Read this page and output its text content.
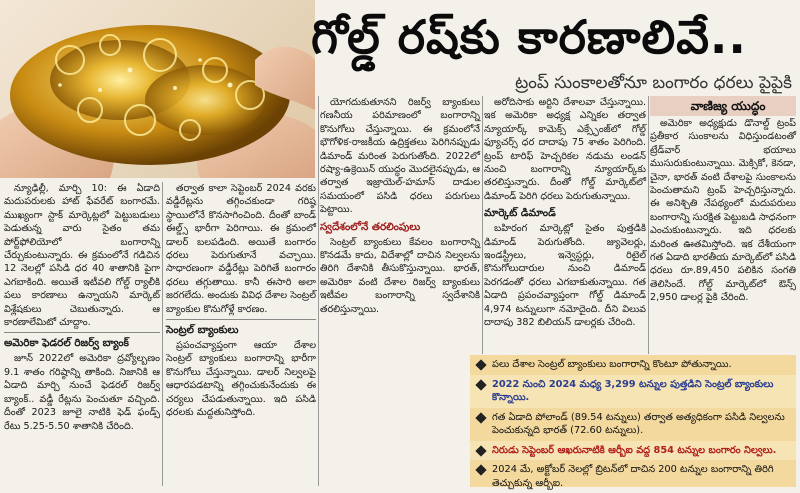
గోల్డ్ రష్‌కు కారణాలివే..
ట్రంప్ సుంకాలతోనూ బంగారం ధరలు పైపైకి

న్యూఢిల్లీ, మార్చి 10: ఈ ఏడాది మదుపరులకు హాట్ ఫేవరేట్ బంగారమే. ముఖ్యంగా స్టాక్ మార్కెట్లలో పెట్టుబడులు పెడుతున్న వారు సైతం తమ పోర్ట్‌ఫోలియోలో బంగారాన్ని చేర్చుకుంటున్నారు. ఈ క్రమంలోనే గడిచిన 12 నెలల్లో పసిడి ధర 40 శాతానికి పైగా ఎగబాకింది. అయితే ఇటీవలి గోల్డ్ ర్యాలీకి పలు కారణాలు ఉన్నాయని మార్కెట్ విశ్లేషకులు చెబుతున్నారు. ఆ కారణాలేమిటో చూద్దాం.

అమెరికా ఫెడరల్ రిజర్వ్ బ్యాంక్

జూన్ 2022లో అమెరికా ద్రవ్యోల్బణం 9.1 శాతం గరిష్ఠాన్ని తాకింది. నిజానికి ఆ ఏడాది మార్చి నుంచే ఫెడరల్ రిజర్వ్ బ్యాంక్.. వడ్డీ రేట్లను పెంచుతూ వచ్చింది. దీంతో 2023 జూలై నాటికి ఫెడ్ ఫండ్స్ రేటు 5.25-5.50 శాతానికి చేరింది.

తర్వాత కాలా సెప్టెంబర్ 2024 వరకు వడ్డీరేట్లను తగ్గించకుండా గరిష్ఠ స్థాయిలోనే కొనసాగించింది. దీంతో బాండ్ ఈల్డ్స్ భారీగా పెరిగాయి. ఈ క్రమంలో డాలర్ బలపడింది. అయితే బంగారం ధరలు పెరుగుతూనే వచ్చాయి. సాధారణంగా వడ్డీరేట్లు పెరిగితే బంగారం ధరలు తగ్గుతాయి. కానీ ఈసారి అలా జరగలేదు. అందుకు వివిధ దేశాల సెంట్రల్ బ్యాంకుల కొనుగోళ్లే కారణం.

సెంట్రల్ బ్యాంకులు

ప్రపంచవ్యాప్తంగా ఆయా దేశాల సెంట్రల్ బ్యాంకులు బంగారాన్ని భారీగా కొనుగోలు చేస్తున్నాయి. డాలర్ నిల్వలపై ఆధారపడటాన్ని తగ్గించుకునేందుకు ఈ చర్యలు చేపడుతున్నాయి. ఇది పసిడి ధరలకు మద్దతునిస్తోంది.

యోగదుకుతూనని రిజర్వ్ బ్యాంకులు గణనీయ పరిమాణంలో బంగారాన్ని కొనుగోలు చేస్తున్నాయి. ఈ క్రమంలోనే భౌగోళిక-రాజకీయ ఉద్రిక్తతలు పెరిగినప్పుడు డిమాండ్ మరింత పెరుగుతోంది. 2022లో రష్యా-ఉక్రెయిన్ యుద్ధం మొదలైనప్పుడు, ఆ తర్వాత ఇజ్రాయెల్-హమాస్ దాడుల సమయంలో పసిడి ధరలు పరుగులు పెట్టాయి.

స్వదేశంలోనే తరలింపులు

సెంట్రల్ బ్యాంకులు కేవలం బంగారాన్ని కొనడమే కాదు, విదేశాల్లో దాచిన నిల్వలను తిరిగి దేశానికి తీసుకొస్తున్నాయి. భారత్, అమెరికా వంటి దేశాల రిజర్వ్ బ్యాంకులు ఇటీవల బంగారాన్ని స్వదేశానికి తరలిస్తున్నాయి.

అరోదిసాకు అర్టిని దేశాలవా చేస్తున్నాయి. ఇక అమెరికా అధ్యక్ష ఎన్నికల తర్వాత న్యూయార్క్ కామెక్స్ ఎక్స్ఛేంజ్‌లో గోల్డ్ ఫ్యూచర్స్ ధర దాదాపు 75 శాతం పెరిగింది. ట్రంప్ టారిఫ్ హెచ్చరికల నడుమ లండన్ నుంచి బంగారాన్ని న్యూయార్క్‌కు తరలిస్తున్నారు. దీంతో గోల్డ్ మార్కెట్‌లో డిమాండ్ పెరిగి ధరలు పెరుగుతున్నాయి.

మార్కెట్ డిమాండ్

బహిరంగ మార్కెట్లో సైతం పుత్తడికి డిమాండ్ పెరుగుతోంది. జ్యువెలర్లు, ఇండస్ట్రీలు, ఇన్వెస్టర్లు, రిటైల్ కొనుగోలుదారుల నుంచి డిమాండ్ పెరగడంతో ధరలు ఎగబాకుతున్నాయి. గత ఏడాది ప్రపంచవ్యాప్తంగా గోల్డ్ డిమాండ్ 4,974 టన్నులుగా నమోదైంది. దీని విలువ దాదాపు 382 బిలియన్ డాలర్లకు చేరింది.

వాణిజ్య యుద్ధం

అమెరికా అధ్యక్షుడు డొనాల్డ్ ట్రంప్ ప్రతీకార సుంకాలను విధిస్తుండటంతో ట్రేడ్‌వార్ భయాలు ముసురుకుంటున్నాయి. మెక్సికో, కెనడా, చైనా, భారత్ వంటి దేశాలపై సుంకాలను పెంచుతామని ట్రంప్ హెచ్చరిస్తున్నారు. ఈ అనిశ్చితి నేపథ్యంలో మదుపరులు బంగారాన్ని సురక్షిత పెట్టుబడి సాధనంగా ఎంచుకుంటున్నారు. ఇది ధరలకు మరింత ఊతమిస్తోంది. ఇక దేశీయంగా గత ఏడాది భారతీయ మార్కెట్‌లో పసిడి ధరలు రూ.89,450 పలికిన సంగతి తెలిసిందే. గోల్డ్ మార్కెట్‌లో ఔన్స్ 2,950 డాలర్ల పైకి చేరింది.

పలు దేశాల సెంట్రల్ బ్యాంకులు బంగారాన్ని కొంటూ పోతున్నాయి.
2022 నుంచి 2024 మధ్య 3,299 టన్నుల పుత్తడిని సెంట్రల్ బ్యాంకులు కొన్నాయి.
గత ఏడాది పోలాండ్ (89.54 టన్నులు) తర్వాత అత్యధికంగా పసిడి నిల్వలను పెంచుకున్నది భారత్ (72.60 టన్నులు).
నిరుడు సెప్టెంబర్ ఆఖరునాటికి ఆర్బీఐ వద్ద 854 టన్నుల బంగారం నిల్వలు.
2024 మే, అక్టోబర్ నెలల్లో బ్రిటన్‌లో దాచిన 200 టన్నుల బంగారాన్ని తిరిగి తెచ్చుకున్న ఆర్బీఐ.
